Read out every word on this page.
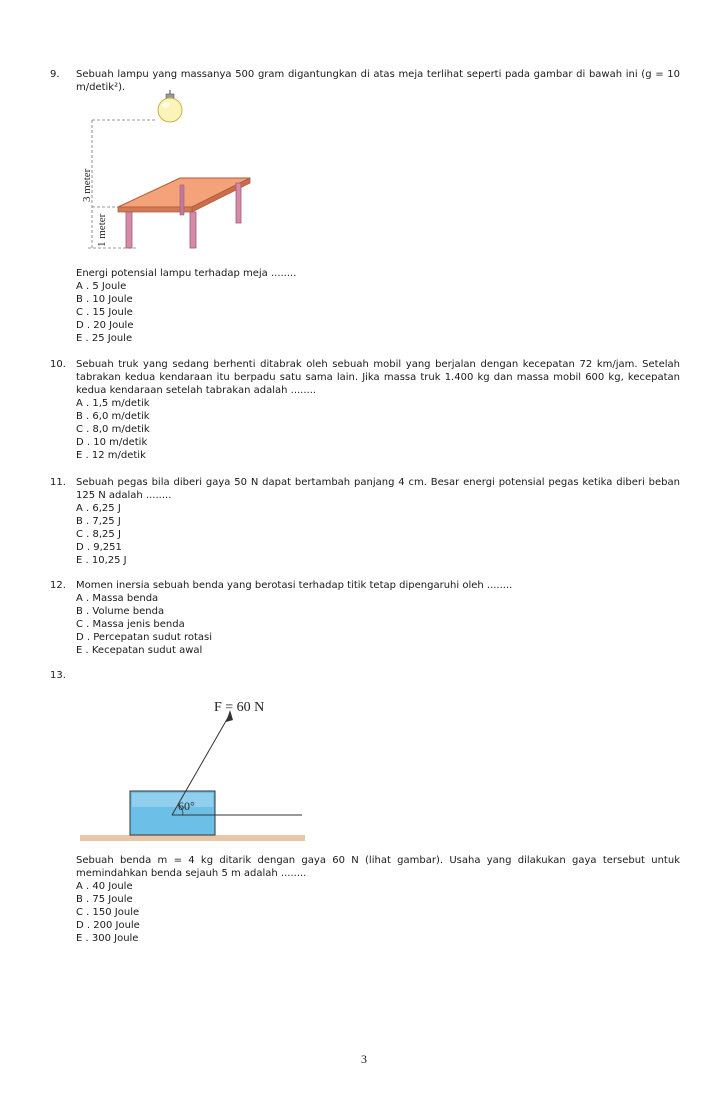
9. Sebuah lampu yang massanya 500 gram digantungkan di atas meja terlihat seperti pada gambar di bawah ini (g = 10 m/detik²).
3 meter
1 meter
Energi potensial lampu terhadap meja ........
A . 5 Joule
B . 10 Joule
C . 15 Joule
D . 20 Joule
E . 25 Joule
10. Sebuah truk yang sedang berhenti ditabrak oleh sebuah mobil yang berjalan dengan kecepatan 72 km/jam. Setelah tabrakan kedua kendaraan itu berpadu satu sama lain. Jika massa truk 1.400 kg dan massa mobil 600 kg, kecepatan kedua kendaraan setelah tabrakan adalah ........
A . 1,5 m/detik
B . 6,0 m/detik
C . 8,0 m/detik
D . 10 m/detik
E . 12 m/detik
11. Sebuah pegas bila diberi gaya 50 N dapat bertambah panjang 4 cm. Besar energi potensial pegas ketika diberi beban 125 N adalah ........
A . 6,25 J
B . 7,25 J
C . 8,25 J
D . 9,251
E . 10,25 J
12. Momen inersia sebuah benda yang berotasi terhadap titik tetap dipengaruhi oleh ........
A . Massa benda
B . Volume benda
C . Massa jenis benda
D . Percepatan sudut rotasi
E . Kecepatan sudut awal
13.
60°
F = 60 N
Sebuah benda m = 4 kg ditarik dengan gaya 60 N (lihat gambar). Usaha yang dilakukan gaya tersebut untuk memindahkan benda sejauh 5 m adalah ........
A . 40 Joule
B . 75 Joule
C . 150 Joule
D . 200 Joule
E . 300 Joule
3
